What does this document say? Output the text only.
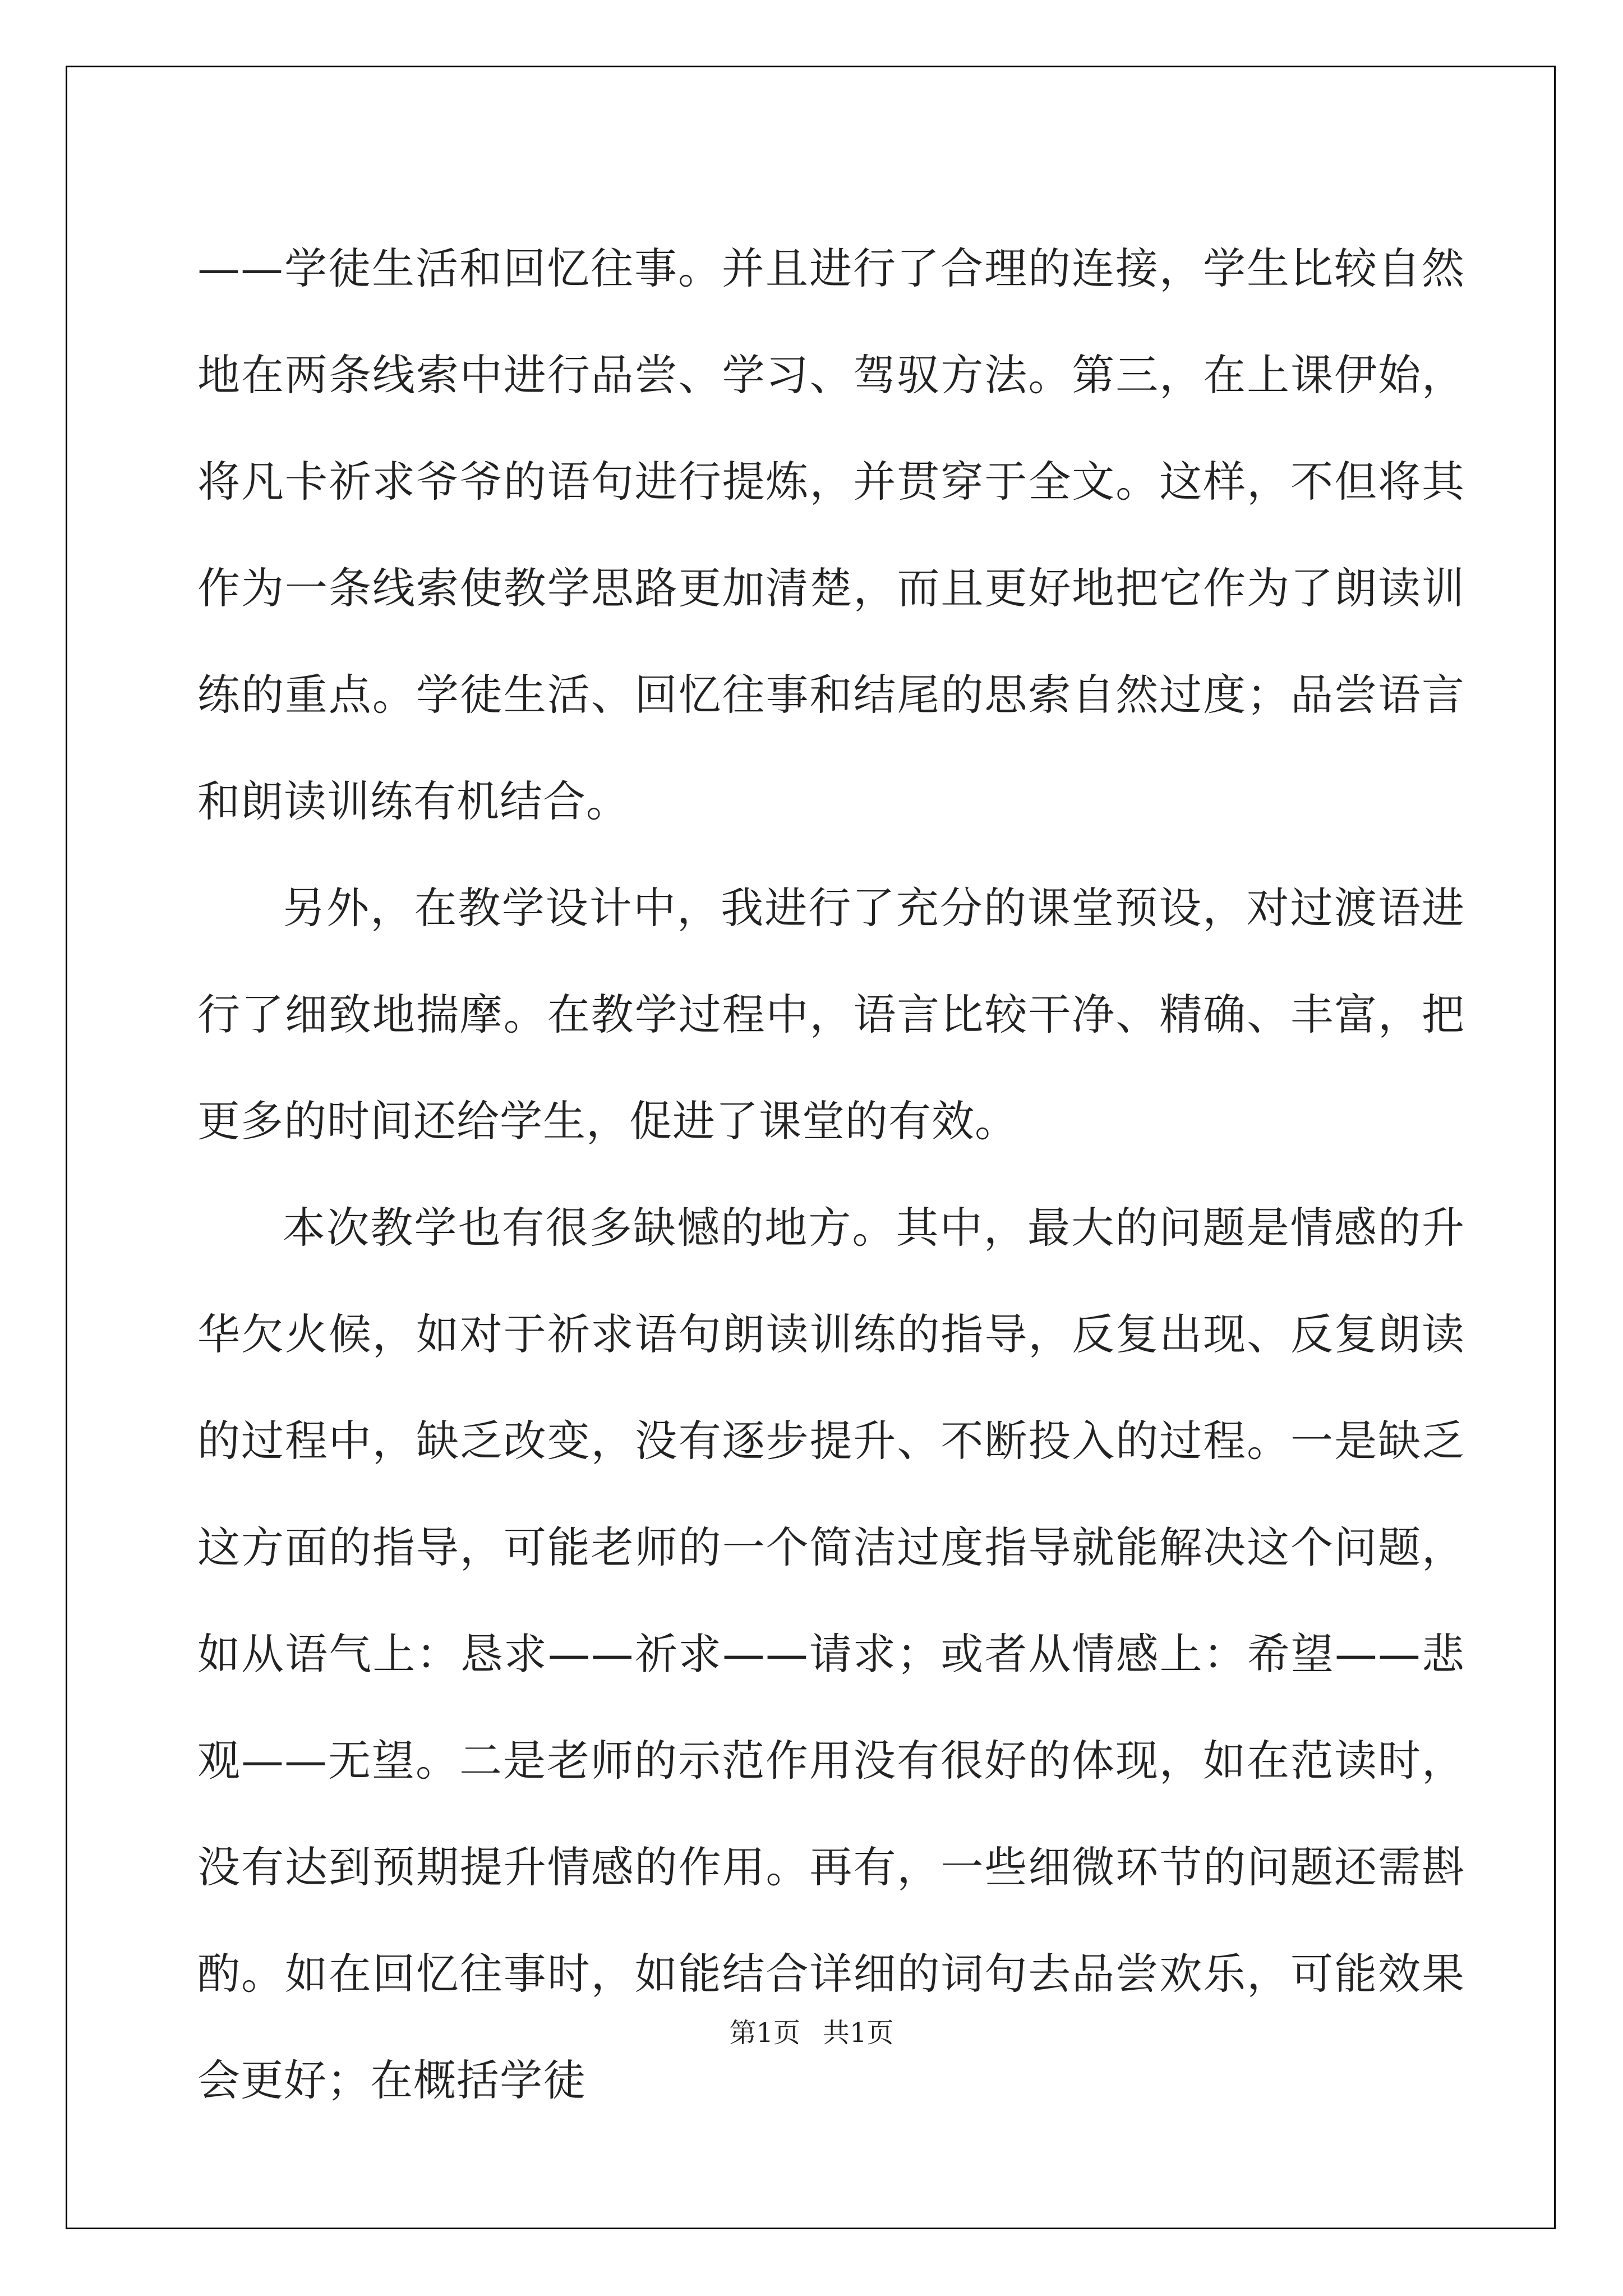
——学徒生活和回忆往事。并且进行了合理的连接，学生比较自然地在两条线索中进行品尝、学习、驾驭方法。第三，在上课伊始，将凡卡祈求爷爷的语句进行提炼，并贯穿于全文。这样，不但将其作为一条线索使教学思路更加清楚，而且更好地把它作为了朗读训练的重点。学徒生活、回忆往事和结尾的思索自然过度；品尝语言和朗读训练有机结合。

另外，在教学设计中，我进行了充分的课堂预设，对过渡语进行了细致地揣摩。在教学过程中，语言比较干净、精确、丰富，把更多的时间还给学生，促进了课堂的有效。

本次教学也有很多缺憾的地方。其中，最大的问题是情感的升华欠火候，如对于祈求语句朗读训练的指导，反复出现、反复朗读的过程中，缺乏改变，没有逐步提升、不断投入的过程。一是缺乏这方面的指导，可能老师的一个简洁过度指导就能解决这个问题，如从语气上：恳求——祈求——请求；或者从情感上：希望——悲观——无望。二是老师的示范作用没有很好的体现，如在范读时，没有达到预期提升情感的作用。再有，一些细微环节的问题还需斟酌。如在回忆往事时，如能结合详细的词句去品尝欢乐，可能效果会更好；在概括学徒

第1页 共1页
